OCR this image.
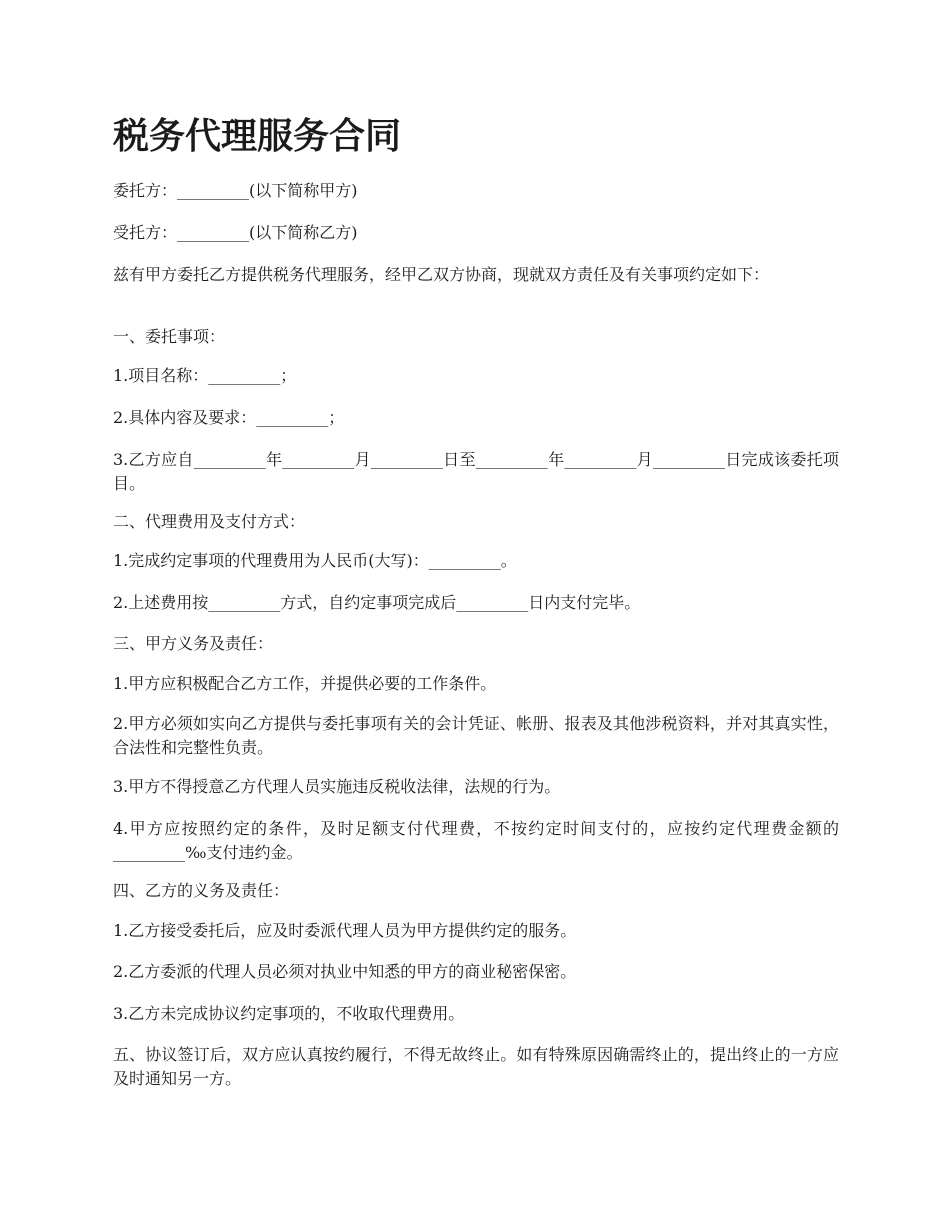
税务代理服务合同

委托方：_________(以下简称甲方)

受托方：_________(以下简称乙方)

兹有甲方委托乙方提供税务代理服务，经甲乙双方协商，现就双方责任及有关事项约定如下：

一、委托事项：

1.项目名称：_________；

2.具体内容及要求：_________；

3.乙方应自_________年_________月_________日至_________年_________月_________日完成该委托项目。

二、代理费用及支付方式：

1.完成约定事项的代理费用为人民币(大写)：_________。

2.上述费用按_________方式，自约定事项完成后_________日内支付完毕。

三、甲方义务及责任：

1.甲方应积极配合乙方工作，并提供必要的工作条件。

2.甲方必须如实向乙方提供与委托事项有关的会计凭证、帐册、报表及其他涉税资料，并对其真实性，合法性和完整性负责。

3.甲方不得授意乙方代理人员实施违反税收法律，法规的行为。

4.甲方应按照约定的条件，及时足额支付代理费，不按约定时间支付的，应按约定代理费金额的_________‰支付违约金。

四、乙方的义务及责任：

1.乙方接受委托后，应及时委派代理人员为甲方提供约定的服务。

2.乙方委派的代理人员必须对执业中知悉的甲方的商业秘密保密。

3.乙方未完成协议约定事项的，不收取代理费用。

五、协议签订后，双方应认真按约履行，不得无故终止。如有特殊原因确需终止的，提出终止的一方应及时通知另一方。
